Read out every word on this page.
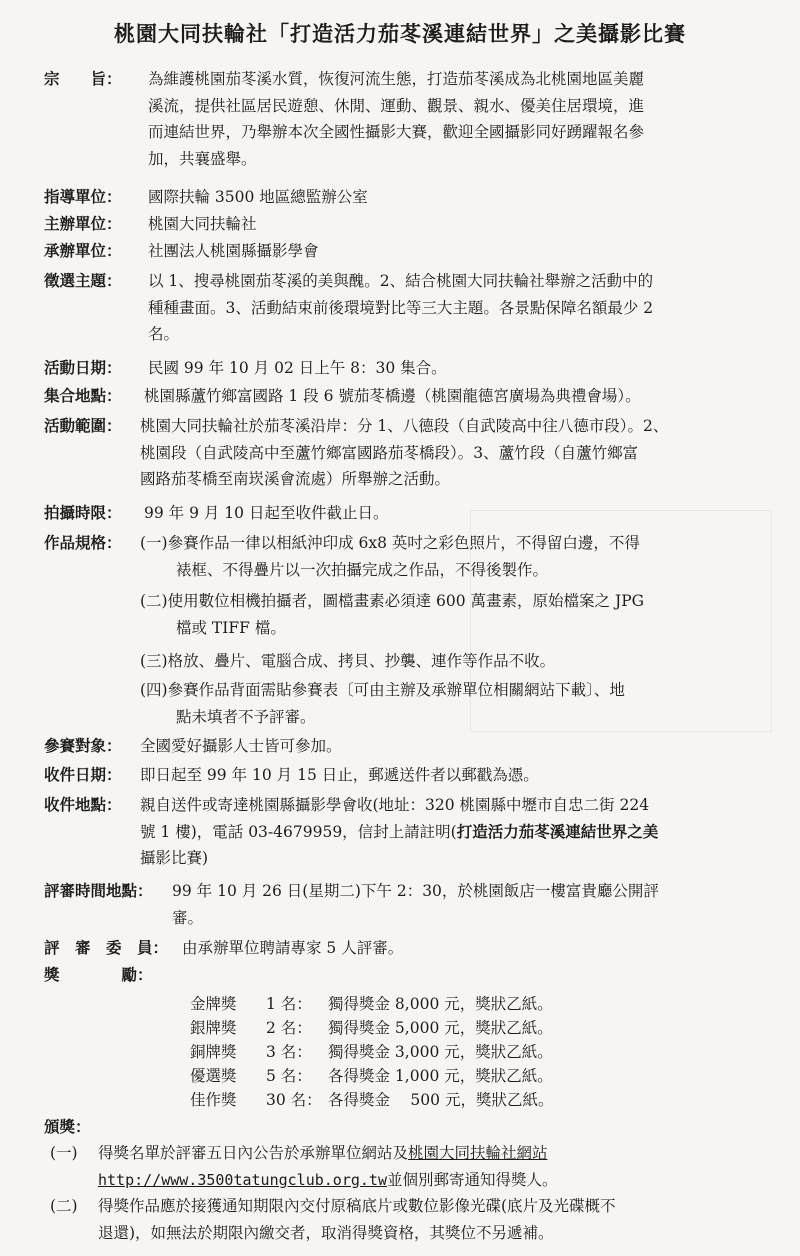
桃園大同扶輪社「打造活力茄苳溪連結世界」之美攝影比賽
宗　　旨： 為維護桃園茄苳溪水質，恢復河流生態，打造茄苳溪成為北桃園地區美麗
溪流，提供社區居民遊憩、休閒、運動、觀景、親水、優美住居環境，進
而連結世界，乃舉辦本次全國性攝影大賽，歡迎全國攝影同好踴躍報名參
加，共襄盛舉。
指導單位： 國際扶輪 3500 地區總監辦公室
主辦單位： 桃園大同扶輪社
承辦單位： 社團法人桃園縣攝影學會
徵選主題： 以 1、搜尋桃園茄苳溪的美與醜。2、結合桃園大同扶輪社舉辦之活動中的
種種畫面。3、活動結束前後環境對比等三大主題。各景點保障名額最少 2
名。
活動日期： 民國 99 年 10 月 02 日上午 8：30 集合。
集合地點： 桃園縣蘆竹鄉富國路 1 段 6 號茄苳橋邊（桃園龍德宮廣場為典禮會場）。
活動範圍： 桃園大同扶輪社於茄苳溪沿岸：分 1、八德段（自武陵高中往八德市段）。2、
桃園段（自武陵高中至蘆竹鄉富國路茄苳橋段）。3、蘆竹段（自蘆竹鄉富
國路茄苳橋至南崁溪會流處）所舉辦之活動。
拍攝時限： 99 年 9 月 10 日起至收件截止日。
作品規格： (一)參賽作品一律以相紙沖印成 6x8 英吋之彩色照片，不得留白邊，不得
裱框、不得疊片以一次拍攝完成之作品，不得後製作。
(二)使用數位相機拍攝者，圖檔畫素必須達 600 萬畫素，原始檔案之 JPG
檔或 TIFF 檔。
(三)格放、疊片、電腦合成、拷貝、抄襲、連作等作品不收。
(四)參賽作品背面需貼參賽表〔可由主辦及承辦單位相關網站下載〕、地
點未填者不予評審。
參賽對象： 全國愛好攝影人士皆可參加。
收件日期： 即日起至 99 年 10 月 15 日止，郵遞送件者以郵戳為憑。
收件地點： 親自送件或寄達桃園縣攝影學會收(地址：320 桃園縣中壢市自忠二街 224
號 1 樓)，電話 03-4679959，信封上請註明(打造活力茄苳溪連結世界之美
攝影比賽)
評審時間地點： 99 年 10 月 26 日(星期二)下午 2：30，於桃園飯店一樓富貴廳公開評
審。
評　審　委　員： 由承辦單位聘請專家 5 人評審。
獎　　　　勵：
金牌獎 1 名： 獨得獎金 8,000 元，獎狀乙紙。
銀牌獎 2 名： 獨得獎金 5,000 元，獎狀乙紙。
銅牌獎 3 名： 獨得獎金 3,000 元，獎狀乙紙。
優選獎 5 名： 各得獎金 1,000 元，獎狀乙紙。
佳作獎 30 名： 各得獎金　 500 元，獎狀乙紙。
頒獎：
(一) 得獎名單於評審五日內公告於承辦單位網站及桃園大同扶輪社網站
http://www.3500tatungclub.org.tw並個別郵寄通知得獎人。
(二) 得獎作品應於接獲通知期限內交付原稿底片或數位影像光碟(底片及光碟概不
退還)，如無法於期限內繳交者，取消得獎資格，其獎位不另遞補。
